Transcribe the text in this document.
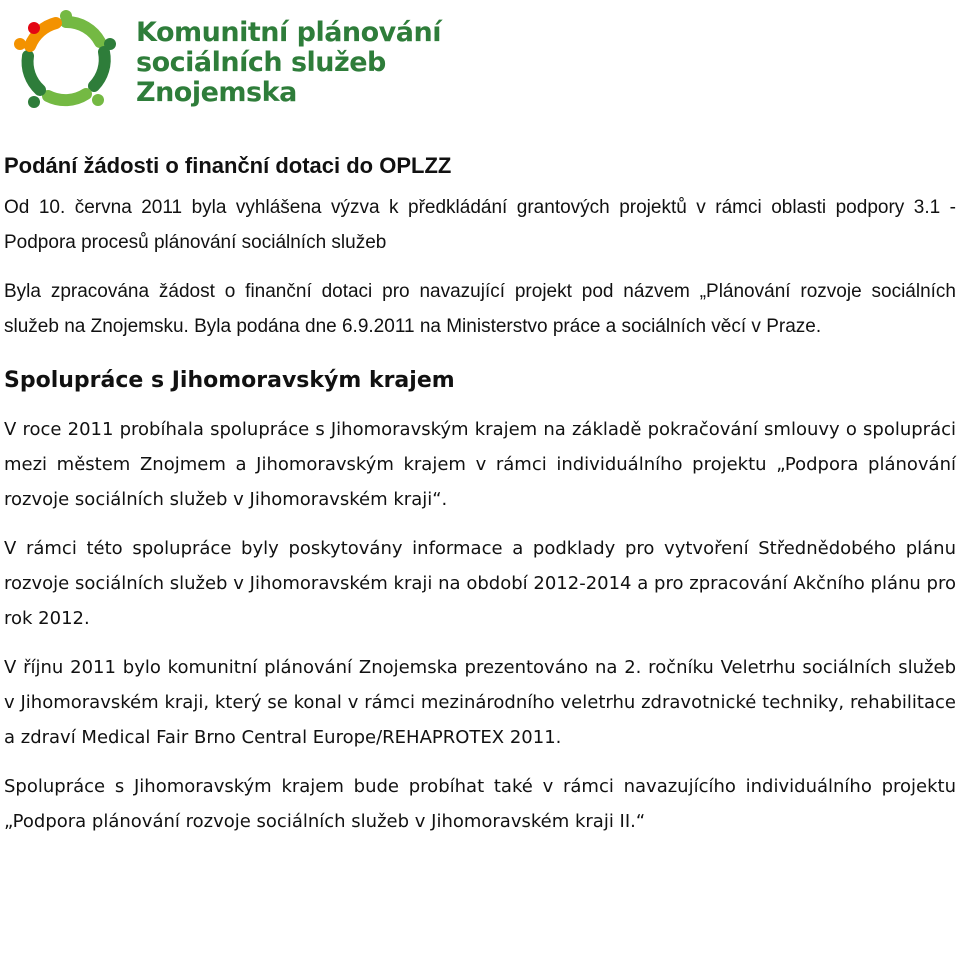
Komunitní plánování
sociálních služeb
Znojemska
Podání žádosti o finanční dotaci do OPLZZ
Od 10. června 2011 byla vyhlášena výzva k předkládání grantových projektů v rámci oblasti podpory 3.1 - Podpora procesů plánování sociálních služeb
Byla zpracována žádost o finanční dotaci pro navazující projekt pod názvem „Plánování rozvoje sociálních služeb na Znojemsku. Byla podána dne 6.9.2011 na Ministerstvo práce a sociálních věcí v Praze.
Spolupráce s Jihomoravským krajem
V roce 2011 probíhala spolupráce s Jihomoravským krajem na základě pokračování smlouvy o spolupráci mezi městem Znojmem a Jihomoravským krajem v rámci individuálního projektu „Podpora plánování rozvoje sociálních služeb v Jihomoravském kraji“.
V rámci této spolupráce byly poskytovány informace a podklady pro vytvoření Střednědobého plánu rozvoje sociálních služeb v Jihomoravském kraji na období 2012-2014 a pro zpracování Akčního plánu pro rok 2012.
V říjnu 2011 bylo komunitní plánování Znojemska prezentováno na 2. ročníku Veletrhu sociálních služeb v Jihomoravském kraji, který se konal v rámci mezinárodního veletrhu zdravotnické techniky, rehabilitace a zdraví Medical Fair Brno Central Europe/REHAPROTEX 2011.
Spolupráce s Jihomoravským krajem bude probíhat také v rámci navazujícího individuálního projektu „Podpora plánování rozvoje sociálních služeb v Jihomoravském kraji II.“
